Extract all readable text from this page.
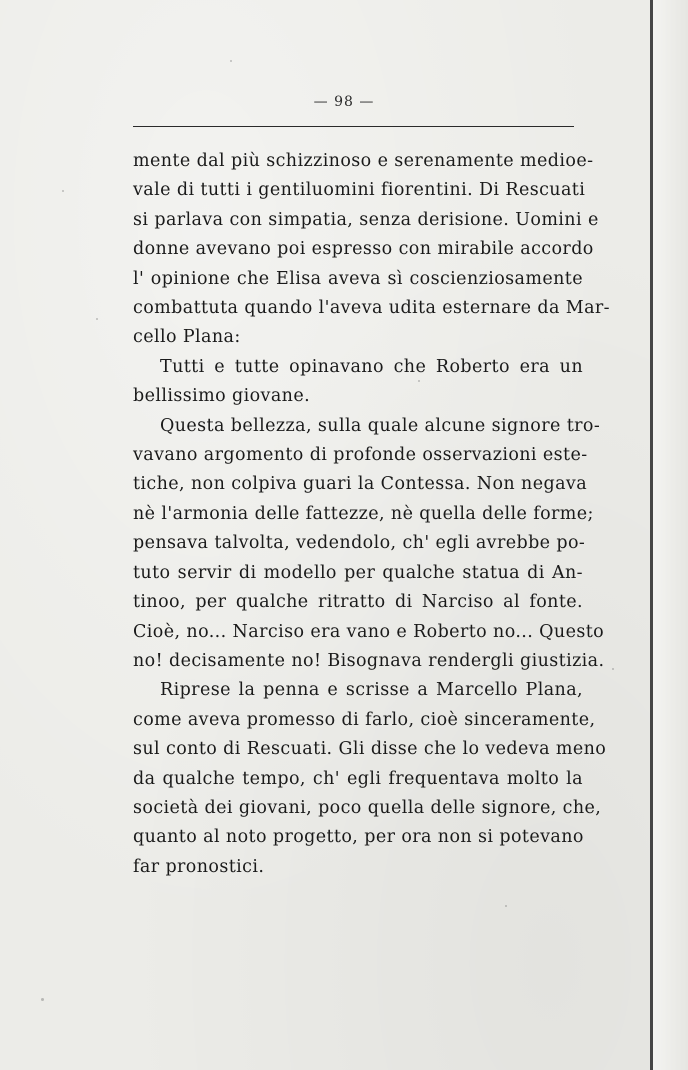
— 98 —
mente dal più schizzinoso e serenamente medioe-
vale di tutti i gentiluomini fiorentini. Di Rescuati
si parlava con simpatia, senza derisione. Uomini e
donne avevano poi espresso con mirabile accordo
l' opinione che Elisa aveva sì coscienziosamente
combattuta quando l'aveva udita esternare da Mar-
cello Plana:
Tutti e tutte opinavano che Roberto era un
bellissimo giovane.
Questa bellezza, sulla quale alcune signore tro-
vavano argomento di profonde osservazioni este-
tiche, non colpiva guari la Contessa. Non negava
nè l'armonia delle fattezze, nè quella delle forme;
pensava talvolta, vedendolo, ch' egli avrebbe po-
tuto servir di modello per qualche statua di An-
tinoo, per qualche ritratto di Narciso al fonte.
Cioè, no... Narciso era vano e Roberto no... Questo
no! decisamente no! Bisognava rendergli giustizia.
Riprese la penna e scrisse a Marcello Plana,
come aveva promesso di farlo, cioè sinceramente,
sul conto di Rescuati. Gli disse che lo vedeva meno
da qualche tempo, ch' egli frequentava molto la
società dei giovani, poco quella delle signore, che,
quanto al noto progetto, per ora non si potevano
far pronostici.
